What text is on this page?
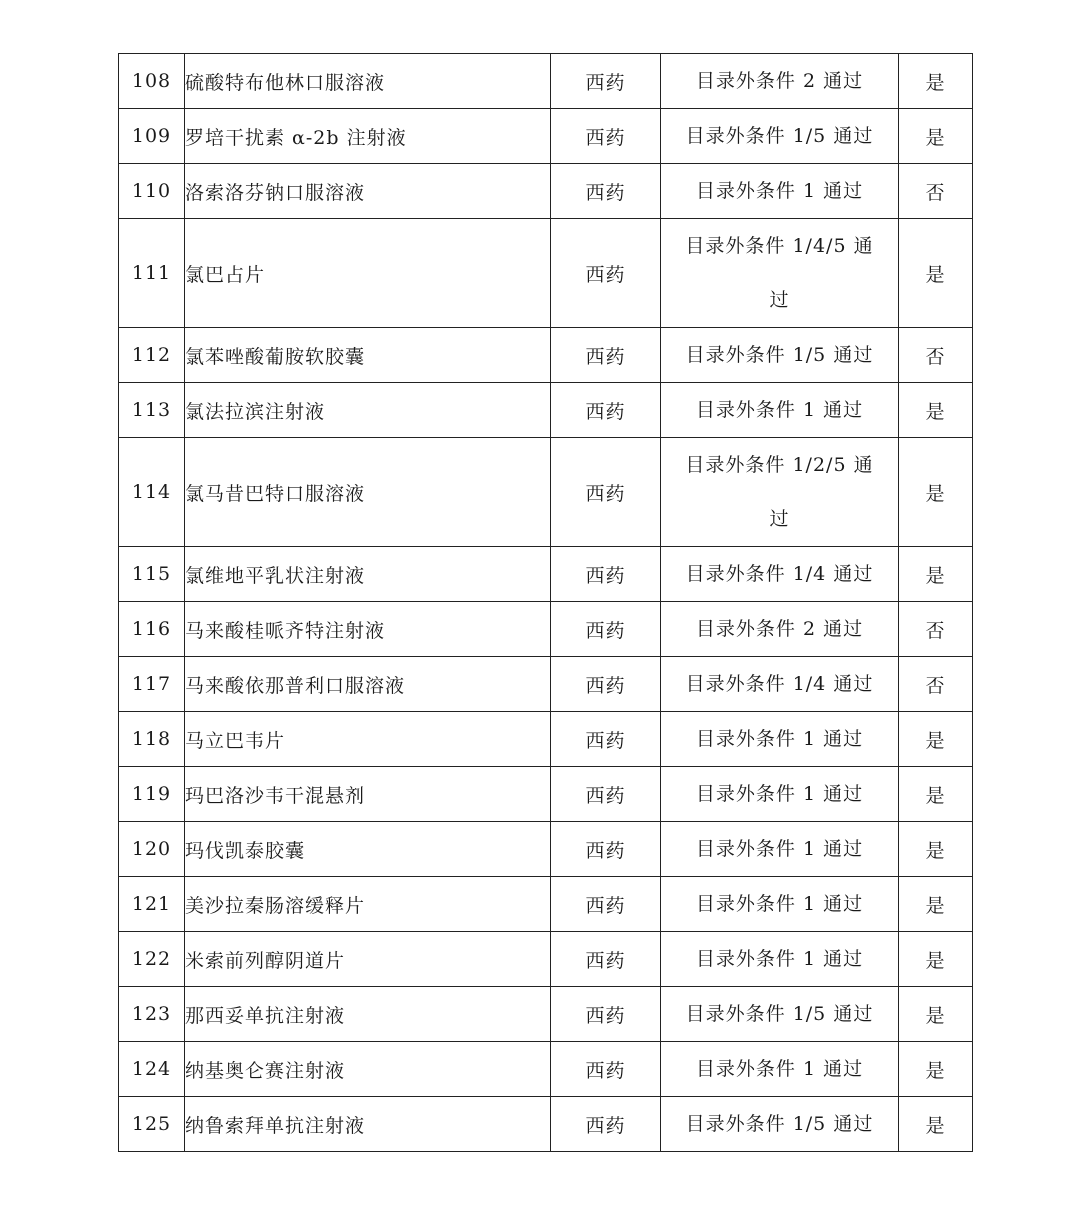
108	硫酸特布他林口服溶液	西药	目录外条件 2 通过	是
109	罗培干扰素 α-2b 注射液	西药	目录外条件 1/5 通过	是
110	洛索洛芬钠口服溶液	西药	目录外条件 1 通过	否
111	氯巴占片	西药	目录外条件 1/4/5 通过	是
112	氯苯唑酸葡胺软胶囊	西药	目录外条件 1/5 通过	否
113	氯法拉滨注射液	西药	目录外条件 1 通过	是
114	氯马昔巴特口服溶液	西药	目录外条件 1/2/5 通过	是
115	氯维地平乳状注射液	西药	目录外条件 1/4 通过	是
116	马来酸桂哌齐特注射液	西药	目录外条件 2 通过	否
117	马来酸依那普利口服溶液	西药	目录外条件 1/4 通过	否
118	马立巴韦片	西药	目录外条件 1 通过	是
119	玛巴洛沙韦干混悬剂	西药	目录外条件 1 通过	是
120	玛伐凯泰胶囊	西药	目录外条件 1 通过	是
121	美沙拉秦肠溶缓释片	西药	目录外条件 1 通过	是
122	米索前列醇阴道片	西药	目录外条件 1 通过	是
123	那西妥单抗注射液	西药	目录外条件 1/5 通过	是
124	纳基奥仑赛注射液	西药	目录外条件 1 通过	是
125	纳鲁索拜单抗注射液	西药	目录外条件 1/5 通过	是
